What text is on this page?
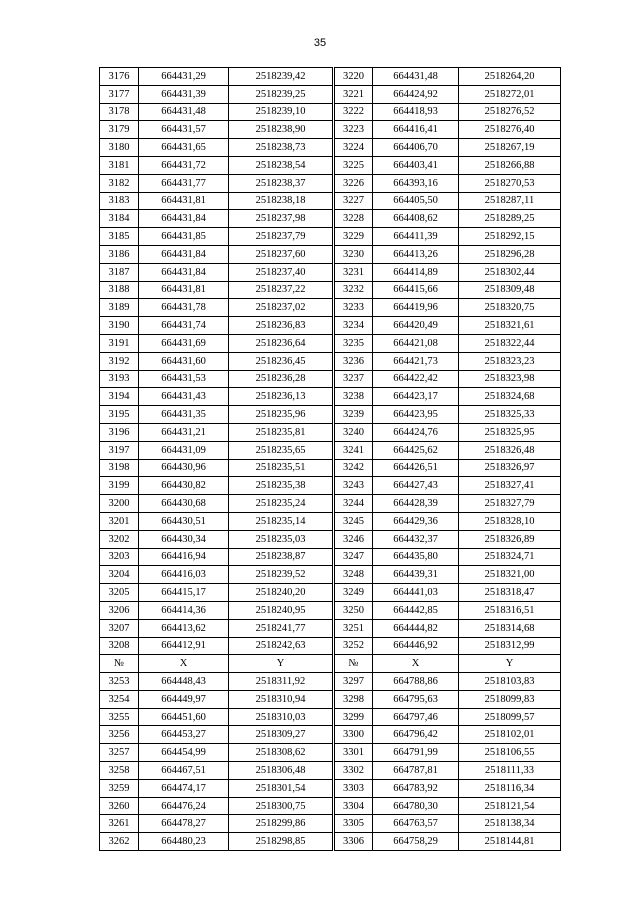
35
3176	664431,29	2518239,42		3220	664431,48	2518264,20
3177	664431,39	2518239,25		3221	664424,92	2518272,01
3178	664431,48	2518239,10		3222	664418,93	2518276,52
3179	664431,57	2518238,90		3223	664416,41	2518276,40
3180	664431,65	2518238,73		3224	664406,70	2518267,19
3181	664431,72	2518238,54		3225	664403,41	2518266,88
3182	664431,77	2518238,37		3226	664393,16	2518270,53
3183	664431,81	2518238,18		3227	664405,50	2518287,11
3184	664431,84	2518237,98		3228	664408,62	2518289,25
3185	664431,85	2518237,79		3229	664411,39	2518292,15
3186	664431,84	2518237,60		3230	664413,26	2518296,28
3187	664431,84	2518237,40		3231	664414,89	2518302,44
3188	664431,81	2518237,22		3232	664415,66	2518309,48
3189	664431,78	2518237,02		3233	664419,96	2518320,75
3190	664431,74	2518236,83		3234	664420,49	2518321,61
3191	664431,69	2518236,64		3235	664421,08	2518322,44
3192	664431,60	2518236,45		3236	664421,73	2518323,23
3193	664431,53	2518236,28		3237	664422,42	2518323,98
3194	664431,43	2518236,13		3238	664423,17	2518324,68
3195	664431,35	2518235,96		3239	664423,95	2518325,33
3196	664431,21	2518235,81		3240	664424,76	2518325,95
3197	664431,09	2518235,65		3241	664425,62	2518326,48
3198	664430,96	2518235,51		3242	664426,51	2518326,97
3199	664430,82	2518235,38		3243	664427,43	2518327,41
3200	664430,68	2518235,24		3244	664428,39	2518327,79
3201	664430,51	2518235,14		3245	664429,36	2518328,10
3202	664430,34	2518235,03		3246	664432,37	2518326,89
3203	664416,94	2518238,87		3247	664435,80	2518324,71
3204	664416,03	2518239,52		3248	664439,31	2518321,00
3205	664415,17	2518240,20		3249	664441,03	2518318,47
3206	664414,36	2518240,95		3250	664442,85	2518316,51
3207	664413,62	2518241,77		3251	664444,82	2518314,68
3208	664412,91	2518242,63		3252	664446,92	2518312,99
№	X	Y		№	X	Y
3253	664448,43	2518311,92		3297	664788,86	2518103,83
3254	664449,97	2518310,94		3298	664795,63	2518099,83
3255	664451,60	2518310,03		3299	664797,46	2518099,57
3256	664453,27	2518309,27		3300	664796,42	2518102,01
3257	664454,99	2518308,62		3301	664791,99	2518106,55
3258	664467,51	2518306,48		3302	664787,81	2518111,33
3259	664474,17	2518301,54		3303	664783,92	2518116,34
3260	664476,24	2518300,75		3304	664780,30	2518121,54
3261	664478,27	2518299,86		3305	664763,57	2518138,34
3262	664480,23	2518298,85		3306	664758,29	2518144,81
